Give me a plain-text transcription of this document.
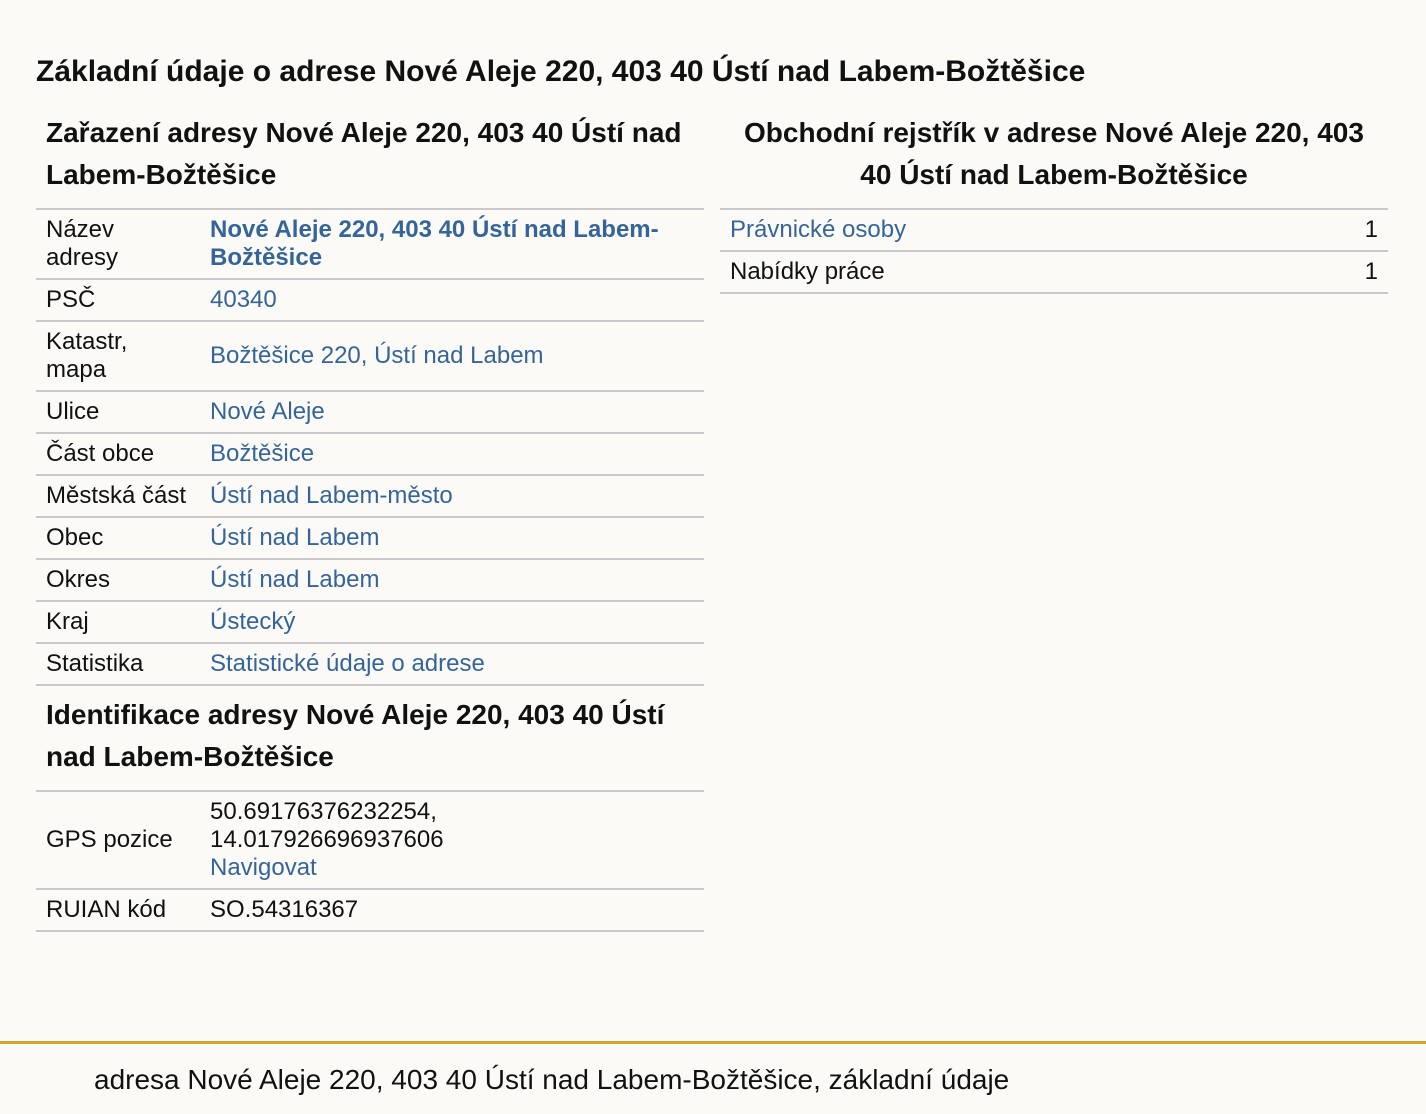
Základní údaje o adrese Nové Aleje 220, 403 40 Ústí nad Labem-Božtěšice
Zařazení adresy Nové Aleje 220, 403 40 Ústí nad Labem-Božtěšice
Název adresy	Nové Aleje 220, 403 40 Ústí nad Labem-Božtěšice
PSČ	40340
Katastr, mapa	Božtěšice 220, Ústí nad Labem
Ulice	Nové Aleje
Část obce	Božtěšice
Městská část	Ústí nad Labem-město
Obec	Ústí nad Labem
Okres	Ústí nad Labem
Kraj	Ústecký
Statistika	Statistické údaje o adrese
Identifikace adresy Nové Aleje 220, 403 40 Ústí nad Labem-Božtěšice
GPS pozice	50.69176376232254,
14.017926696937606
Navigovat
RUIAN kód	SO.54316367
Obchodní rejstřík v adrese Nové Aleje 220, 403 40 Ústí nad Labem-Božtěšice
Právnické osoby	1
Nabídky práce	1
adresa Nové Aleje 220, 403 40 Ústí nad Labem-Božtěšice, základní údaje
